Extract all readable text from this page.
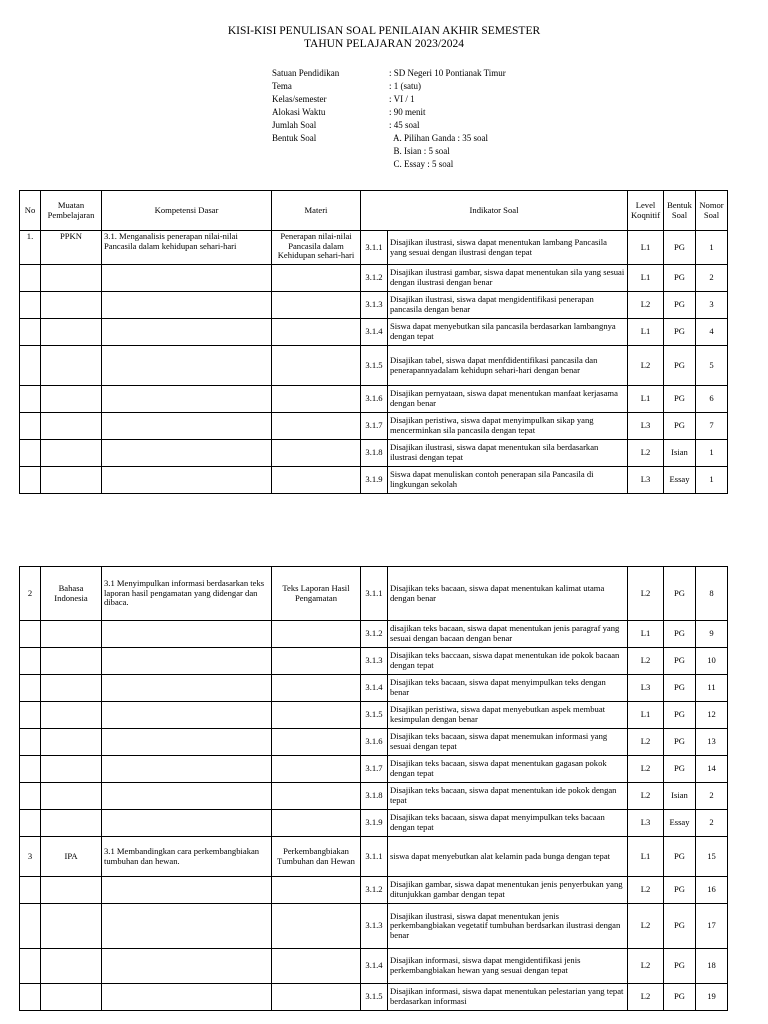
KISI-KISI PENULISAN SOAL PENILAIAN AKHIR SEMESTER
TAHUN PELAJARAN 2023/2024
Satuan Pendidikan	: SD Negeri 10 Pontianak Timur
Tema	: 1 (satu)
Kelas/semester	: VI / 1
Alokasi Waktu	: 90 menit
Jumlah Soal	: 45 soal
Bentuk Soal	A. Pilihan Ganda : 35 soal
B. Isian : 5 soal
C. Essay : 5 soal
No	Muatan Pembelajaran	Kompetensi Dasar	Materi	Indikator Soal		Level Koqnitif	Bentuk Soal	Nomor Soal
1.	PPKN	3.1. Menganalisis penerapan nilai-nilai Pancasila dalam kehidupan sehari-hari	Penerapan nilai-nilai Pancasila dalam Kehidupan sehari-hari	3.1.1	Disajikan ilustrasi, siswa dapat menentukan lambang Pancasila yang sesuai dengan ilustrasi dengan tepat	L1	PG	1
				3.1.2	Disajikan ilustrasi gambar, siswa dapat menentukan sila yang sesuai dengan ilustrasi dengan benar	L1	PG	2
				3.1.3	Disajikan ilustrasi, siswa dapat mengidentifikasi penerapan pancasila dengan benar	L2	PG	3
				3.1.4	Siswa dapat menyebutkan sila pancasila berdasarkan lambangnya dengan tepat	L1	PG	4
				3.1.5	Disajikan tabel, siswa dapat menfdidentifikasi pancasila dan penerapannyadalam kehidupn sehari-hari dengan benar	L2	PG	5
				3.1.6	Disajikan pernyataan, siswa dapat menentukan manfaat kerjasama dengan benar	L1	PG	6
				3.1.7	Disajikan peristiwa, siswa dapat menyimpulkan sikap yang mencerminkan sila pancasila dengan tepat	L3	PG	7
				3.1.8	Disajikan ilustrasi, siswa dapat menentukan sila berdasarkan ilustrasi dengan tepat	L2	Isian	1
				3.1.9	Siswa dapat menuliskan contoh penerapan sila Pancasila di lingkungan sekolah	L3	Essay	1
2	Bahasa Indonesia	3.1 Menyimpulkan informasi berdasarkan teks laporan hasil pengamatan yang didengar dan dibaca.	Teks Laporan Hasil Pengamatan	3.1.1	Disajikan teks bacaan, siswa dapat menentukan kalimat utama dengan benar	L2	PG	8
				3.1.2	disajikan teks bacaan, siswa dapat menentukan jenis paragraf yang sesuai dengan bacaan dengan benar	L1	PG	9
				3.1.3	Disajikan teks baccaan, siswa dapat menentukan ide pokok bacaan dengan tepat	L2	PG	10
				3.1.4	Disajikan teks bacaan, siswa dapat menyimpulkan teks dengan benar	L3	PG	11
				3.1.5	Disajikan peristiwa, siswa dapat menyebutkan aspek membuat kesimpulan dengan benar	L1	PG	12
				3.1.6	Disajikan teks bacaan, siswa dapat menemukan informasi yang sesuai dengan tepat	L2	PG	13
				3.1.7	Disajikan teks bacaan, siswa dapat menentukan gagasan pokok dengan tepat	L2	PG	14
				3.1.8	Disajikan teks bacaan, siswa dapat menentukan ide pokok dengan tepat	L2	Isian	2
				3.1.9	Disajikan teks bacaan, siswa dapat menyimpulkan teks bacaan dengan tepat	L3	Essay	2
3	IPA	3.1 Membandingkan cara perkembangbiakan tumbuhan dan hewan.	Perkembangbiakan Tumbuhan dan Hewan	3.1.1	siswa dapat menyebutkan alat kelamin pada bunga dengan tepat	L1	PG	15
				3.1.2	Disajikan gambar, siswa dapat menentukan jenis penyerbukan yang ditunjukkan gambar dengan tepat	L2	PG	16
				3.1.3	Disajikan ilustrasi, siswa dapat menentukan jenis perkembangbiakan vegetatif tumbuhan berdsarkan ilustrasi dengan benar	L2	PG	17
				3.1.4	Disajikan informasi, siswa dapat mengidentifikasi jenis perkembangbiakan hewan yang sesuai dengan tepat	L2	PG	18
				3.1.5	Disajikan informasi, siswa dapat menentukan pelestarian yang tepat berdasarkan informasi	L2	PG	19
